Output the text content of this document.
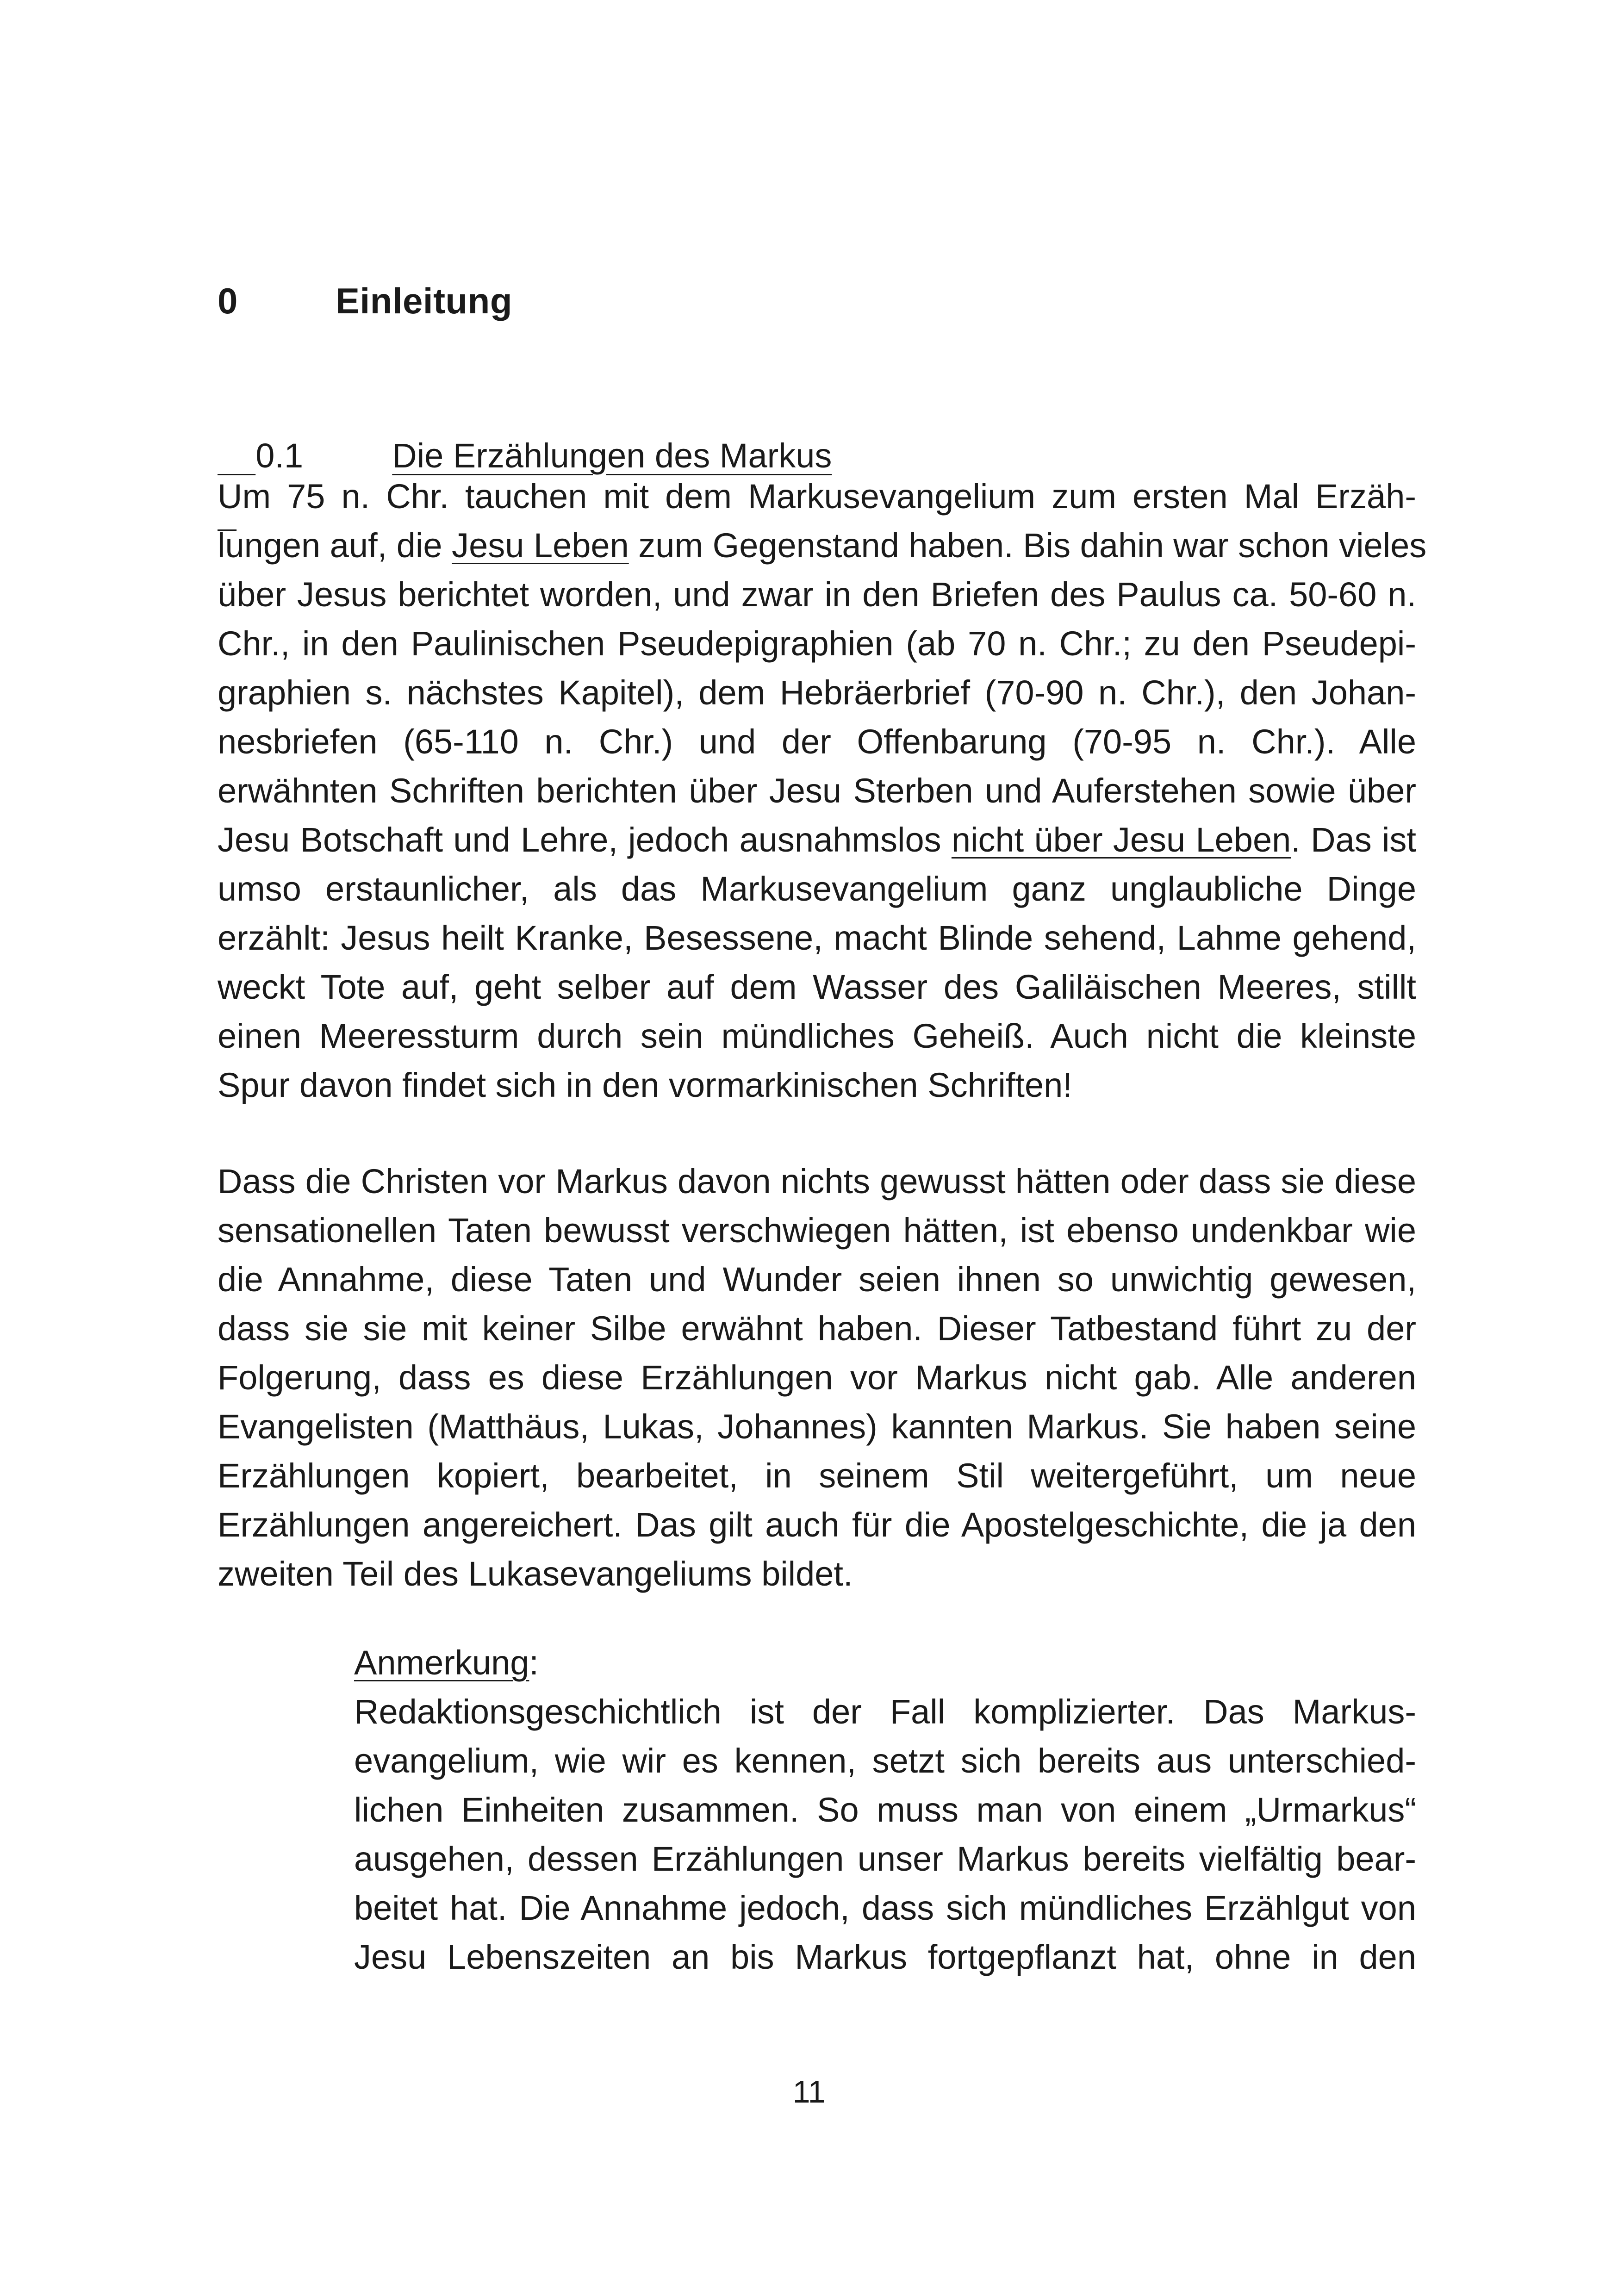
0	Einleitung

0.1	Die Erzählungen des Markus

Um 75 n. Chr. tauchen mit dem Markusevangelium zum ersten Mal Erzäh-
lungen auf, die Jesu Leben zum Gegenstand haben. Bis dahin war schon vieles
über Jesus berichtet worden, und zwar in den Briefen des Paulus ca. 50-60 n.
Chr., in den Paulinischen Pseudepigraphien (ab 70 n. Chr.; zu den Pseudepi-
graphien s. nächstes Kapitel), dem Hebräerbrief (70-90 n. Chr.), den Johan-
nesbriefen (65-110 n. Chr.) und der Offenbarung (70-95 n. Chr.). Alle
erwähnten Schriften berichten über Jesu Sterben und Auferstehen sowie über
Jesu Botschaft und Lehre, jedoch ausnahmslos nicht über Jesu Leben. Das ist
umso erstaunlicher, als das Markusevangelium ganz unglaubliche Dinge
erzählt: Jesus heilt Kranke, Besessene, macht Blinde sehend, Lahme gehend,
weckt Tote auf, geht selber auf dem Wasser des Galiläischen Meeres, stillt
einen Meeressturm durch sein mündliches Geheiß. Auch nicht die kleinste
Spur davon findet sich in den vormarkinischen Schriften!
Dass die Christen vor Markus davon nichts gewusst hätten oder dass sie diese
sensationellen Taten bewusst verschwiegen hätten, ist ebenso undenkbar wie
die Annahme, diese Taten und Wunder seien ihnen so unwichtig gewesen,
dass sie sie mit keiner Silbe erwähnt haben. Dieser Tatbestand führt zu der
Folgerung, dass es diese Erzählungen vor Markus nicht gab. Alle anderen
Evangelisten (Matthäus, Lukas, Johannes) kannten Markus. Sie haben seine
Erzählungen kopiert, bearbeitet, in seinem Stil weitergeführt, um neue
Erzählungen angereichert. Das gilt auch für die Apostelgeschichte, die ja den
zweiten Teil des Lukasevangeliums bildet.
Anmerkung:
Redaktionsgeschichtlich ist der Fall komplizierter. Das Markus-
evangelium, wie wir es kennen, setzt sich bereits aus unterschied-
lichen Einheiten zusammen. So muss man von einem „Urmarkus“
ausgehen, dessen Erzählungen unser Markus bereits vielfältig bear-
beitet hat. Die Annahme jedoch, dass sich mündliches Erzählgut von
Jesu Lebenszeiten an bis Markus fortgepflanzt hat, ohne in den
11
